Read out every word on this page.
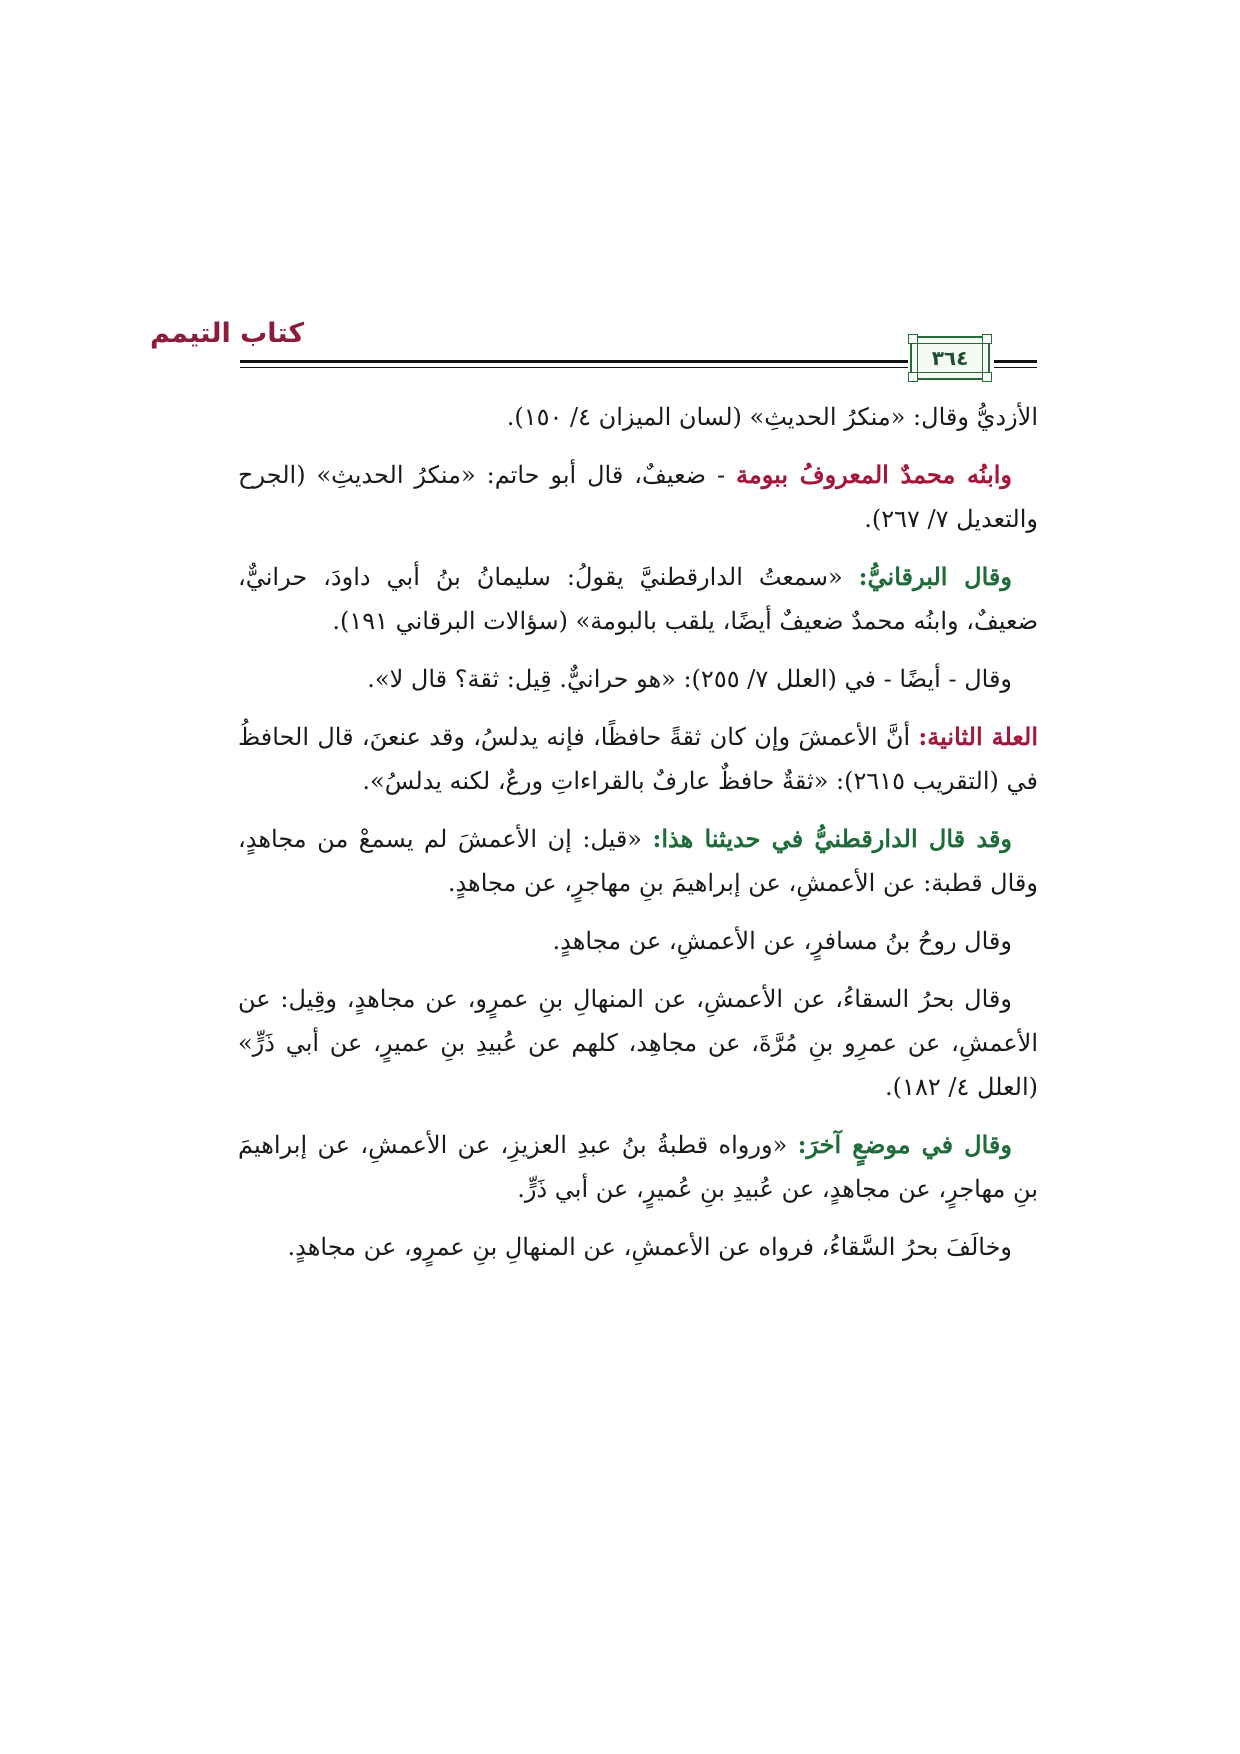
كتاب التيمم
٣٦٤

الأزديُّ وقال: «منكرُ الحديثِ» (لسان الميزان ٤/ ١٥٠).

وابنُه محمدٌ المعروفُ ببومة - ضعيفٌ، قال أبو حاتم: «منكرُ الحديثِ» (الجرح والتعديل ٧/ ٢٦٧).

وقال البرقانيُّ: «سمعتُ الدارقطنيَّ يقولُ: سليمانُ بنُ أبي داودَ، حرانيٌّ، ضعيفٌ، وابنُه محمدٌ ضعيفٌ أيضًا، يلقب بالبومة» (سؤالات البرقاني ١٩١).

وقال - أيضًا - في (العلل ٧/ ٢٥٥): «هو حرانيٌّ. قِيل: ثقة؟ قال لا».

العلة الثانية: أنَّ الأعمشَ وإن كان ثقةً حافظًا، فإنه يدلسُ، وقد عنعنَ، قال الحافظُ في (التقريب ٢٦١٥): «ثقةٌ حافظٌ عارفٌ بالقراءاتِ ورعٌ، لكنه يدلسُ».

وقد قال الدارقطنيُّ في حديثنا هذا: «قيل: إن الأعمشَ لم يسمعْ من مجاهدٍ، وقال قطبة: عن الأعمشِ، عن إبراهيمَ بنِ مهاجرٍ، عن مجاهدٍ.

وقال روحُ بنُ مسافرٍ، عن الأعمشِ، عن مجاهدٍ.

وقال بحرُ السقاءُ، عن الأعمشِ، عن المنهالِ بنِ عمرٍو، عن مجاهدٍ، وقِيل: عن الأعمشِ، عن عمرِو بنِ مُرَّةَ، عن مجاهِد، كلهم عن عُبيدِ بنِ عميرٍ، عن أبي ذَرٍّ» (العلل ٤/ ١٨٢).

وقال في موضعٍ آخرَ: «ورواه قطبةُ بنُ عبدِ العزيزِ، عن الأعمشِ، عن إبراهيمَ بنِ مهاجرٍ، عن مجاهدٍ، عن عُبيدِ بنِ عُميرٍ، عن أبي ذَرٍّ.

وخالَفَ بحرُ السَّقاءُ، فرواه عن الأعمشِ، عن المنهالِ بنِ عمرٍو، عن مجاهدٍ.
